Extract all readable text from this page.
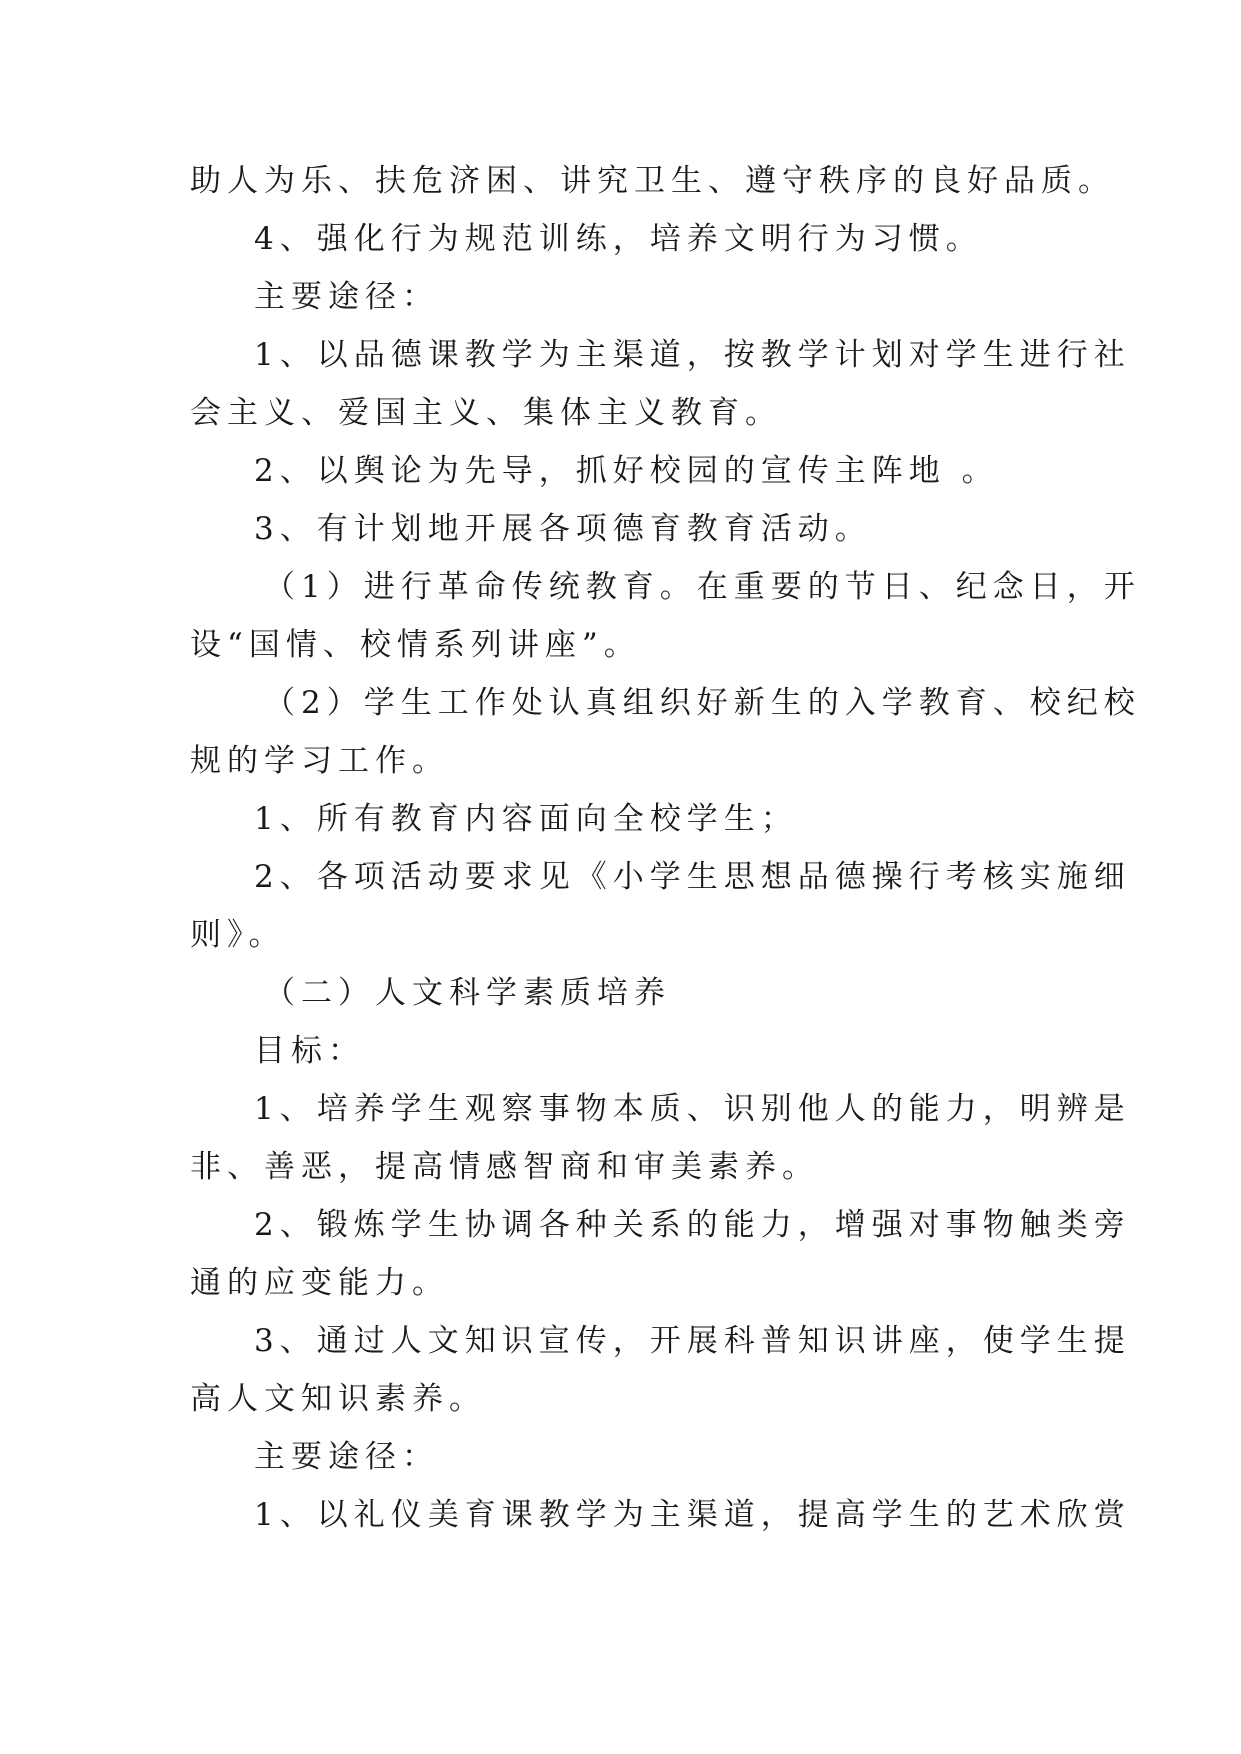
助人为乐、扶危济困、讲究卫生、遵守秩序的良好品质。

4、强化行为规范训练，培养文明行为习惯。

主要途径：

1、以品德课教学为主渠道，按教学计划对学生进行社

会主义、爱国主义、集体主义教育。

2、以舆论为先导，抓好校园的宣传主阵地 。

3、有计划地开展各项德育教育活动。

（1）进行革命传统教育。在重要的节日、纪念日，开

设“国情、校情系列讲座”。

（2）学生工作处认真组织好新生的入学教育、校纪校

规的学习工作。

1、所有教育内容面向全校学生；

2、各项活动要求见《小学生思想品德操行考核实施细

则》。

（二）人文科学素质培养

目标：

1、培养学生观察事物本质、识别他人的能力，明辨是

非、善恶，提高情感智商和审美素养。

2、锻炼学生协调各种关系的能力，增强对事物触类旁

通的应变能力。

3、通过人文知识宣传，开展科普知识讲座，使学生提

高人文知识素养。

主要途径：

1、以礼仪美育课教学为主渠道，提高学生的艺术欣赏
